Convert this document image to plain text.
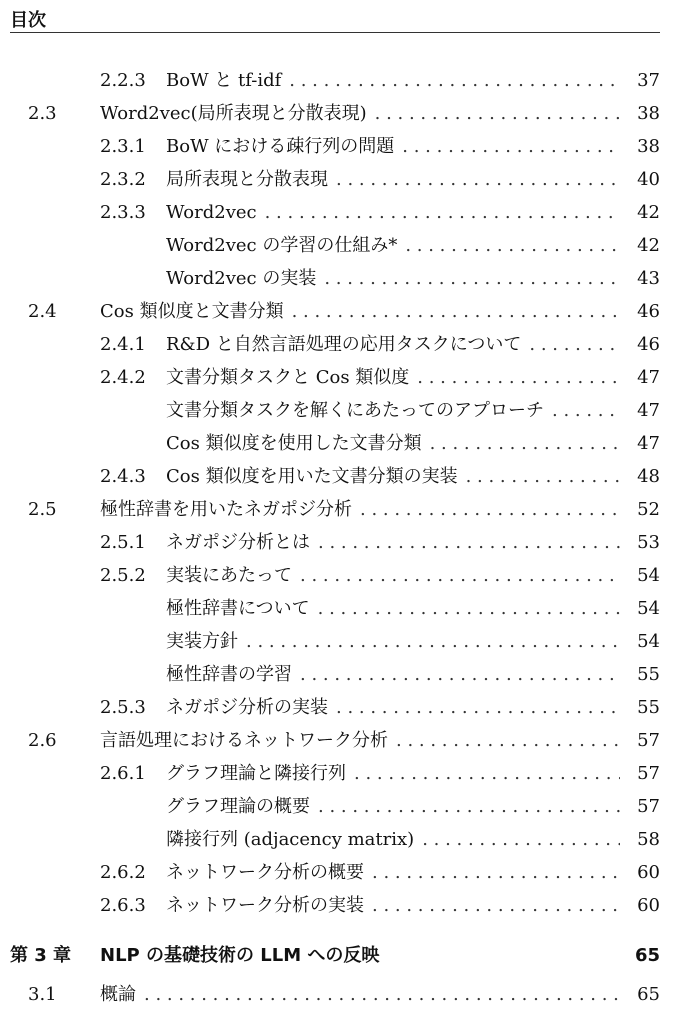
目次
2.2.3 BoW と tf-idf . . .	37
2.3 Word2vec(局所表現と分散表現) . . .	38
2.3.1 BoW における疎行列の問題 . . .	38
2.3.2 局所表現と分散表現 . . .	40
2.3.3 Word2vec . . .	42
Word2vec の学習の仕組み* . . .	42
Word2vec の実装 . . .	43
2.4 Cos 類似度と文書分類 . . .	46
2.4.1 R&D と自然言語処理の応用タスクについて . . .	46
2.4.2 文書分類タスクと Cos 類似度 . . .	47
文書分類タスクを解くにあたってのアプローチ . . .	47
Cos 類似度を使用した文書分類 . . .	47
2.4.3 Cos 類似度を用いた文書分類の実装 . . .	48
2.5 極性辞書を用いたネガポジ分析 . . .	52
2.5.1 ネガポジ分析とは . . .	53
2.5.2 実装にあたって . . .	54
極性辞書について . . .	54
実装方針 . . .	54
極性辞書の学習 . . .	55
2.5.3 ネガポジ分析の実装 . . .	55
2.6 言語処理におけるネットワーク分析 . . .	57
2.6.1 グラフ理論と隣接行列 . . .	57
グラフ理論の概要 . . .	57
隣接行列 (adjacency matrix) . . .	58
2.6.2 ネットワーク分析の概要 . . .	60
2.6.3 ネットワーク分析の実装 . . .	60
第 3 章 NLP の基礎技術の LLM への反映	65
3.1 概論 . . .	65
